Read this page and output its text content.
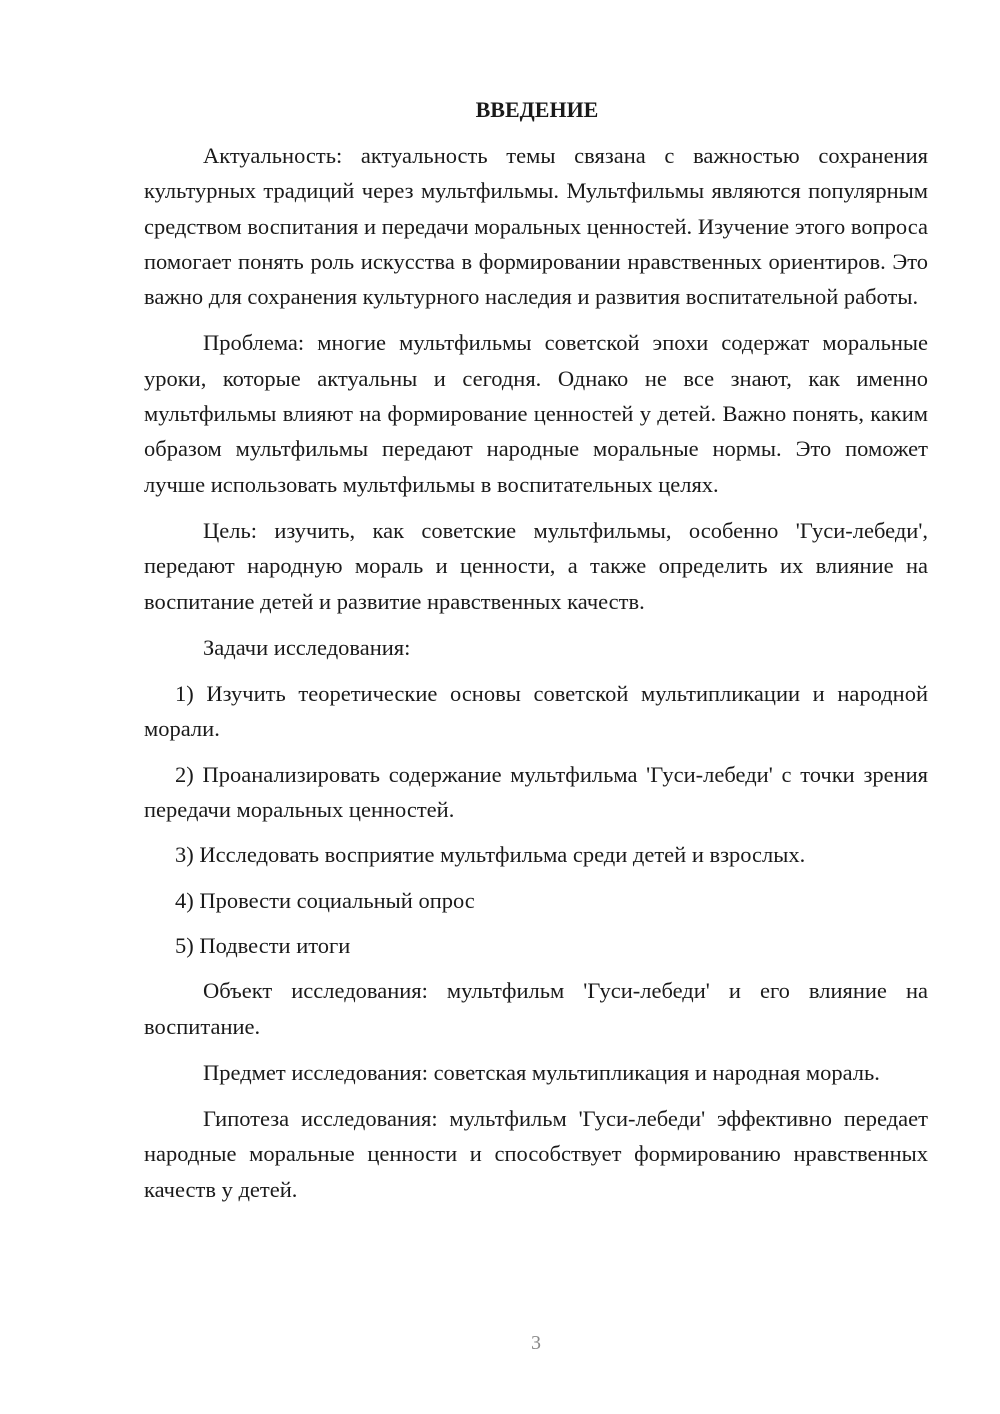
ВВЕДЕНИЕ

Актуальность: актуальность темы связана с важностью сохранения культурных традиций через мультфильмы. Мультфильмы являются популярным средством воспитания и передачи моральных ценностей. Изучение этого вопроса помогает понять роль искусства в формировании нравственных ориентиров. Это важно для сохранения культурного наследия и развития воспитательной работы.

Проблема: многие мультфильмы советской эпохи содержат моральные уроки, которые актуальны и сегодня. Однако не все знают, как именно мультфильмы влияют на формирование ценностей у детей. Важно понять, каким образом мультфильмы передают народные моральные нормы. Это поможет лучше использовать мультфильмы в воспитательных целях.

Цель: изучить, как советские мультфильмы, особенно 'Гуси-лебеди', передают народную мораль и ценности, а также определить их влияние на воспитание детей и развитие нравственных качеств.

Задачи исследования:

1) Изучить теоретические основы советской мультипликации и народной морали.

2) Проанализировать содержание мультфильма 'Гуси-лебеди' с точки зрения передачи моральных ценностей.

3) Исследовать восприятие мультфильма среди детей и взрослых.

4) Провести социальный опрос

5) Подвести итоги

Объект исследования: мультфильм 'Гуси-лебеди' и его влияние на воспитание.

Предмет исследования: советская мультипликация и народная мораль.

Гипотеза исследования: мультфильм 'Гуси-лебеди' эффективно передает народные моральные ценности и способствует формированию нравственных качеств у детей.

3
